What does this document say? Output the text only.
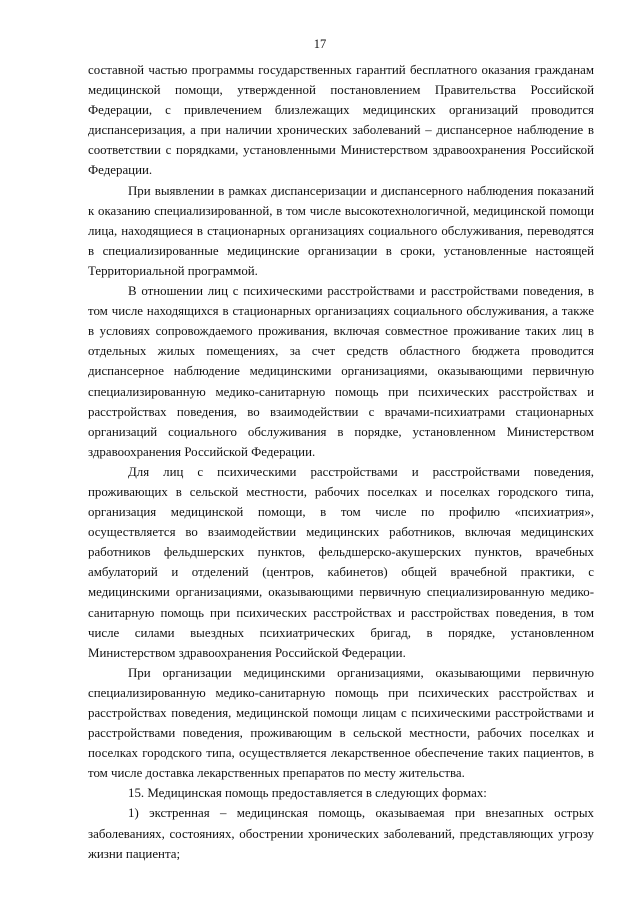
17

составной частью программы государственных гарантий бесплатного оказания гражданам медицинской помощи, утвержденной постановлением Правительства Российской Федерации, с привлечением близлежащих медицинских организаций проводится диспансеризация, а при наличии хронических заболеваний – диспансерное наблюдение в соответствии с порядками, установленными Министерством здравоохранения Российской Федерации.

При выявлении в рамках диспансеризации и диспансерного наблюдения показаний к оказанию специализированной, в том числе высокотехнологичной, медицинской помощи лица, находящиеся в стационарных организациях социального обслуживания, переводятся в специализированные медицинские организации в сроки, установленные настоящей Территориальной программой.

В отношении лиц с психическими расстройствами и расстройствами поведения, в том числе находящихся в стационарных организациях социального обслуживания, а также в условиях сопровождаемого проживания, включая совместное проживание таких лиц в отдельных жилых помещениях, за счет средств областного бюджета проводится диспансерное наблюдение медицинскими организациями, оказывающими первичную специализированную медико-санитарную помощь при психических расстройствах и расстройствах поведения, во взаимодействии с врачами-психиатрами стационарных организаций социального обслуживания в порядке, установленном Министерством здравоохранения Российской Федерации.

Для лиц с психическими расстройствами и расстройствами поведения, проживающих в сельской местности, рабочих поселках и поселках городского типа, организация медицинской помощи, в том числе по профилю «психиатрия», осуществляется во взаимодействии медицинских работников, включая медицинских работников фельдшерских пунктов, фельдшерско-акушерских пунктов, врачебных амбулаторий и отделений (центров, кабинетов) общей врачебной практики, с медицинскими организациями, оказывающими первичную специализированную медико-санитарную помощь при психических расстройствах и расстройствах поведения, в том числе силами выездных психиатрических бригад, в порядке, установленном Министерством здравоохранения Российской Федерации.

При организации медицинскими организациями, оказывающими первичную специализированную медико-санитарную помощь при психических расстройствах и расстройствах поведения, медицинской помощи лицам с психическими расстройствами и расстройствами поведения, проживающим в сельской местности, рабочих поселках и поселках городского типа, осуществляется лекарственное обеспечение таких пациентов, в том числе доставка лекарственных препаратов по месту жительства.

15. Медицинская помощь предоставляется в следующих формах:

1) экстренная – медицинская помощь, оказываемая при внезапных острых заболеваниях, состояниях, обострении хронических заболеваний, представляющих угрозу жизни пациента;
